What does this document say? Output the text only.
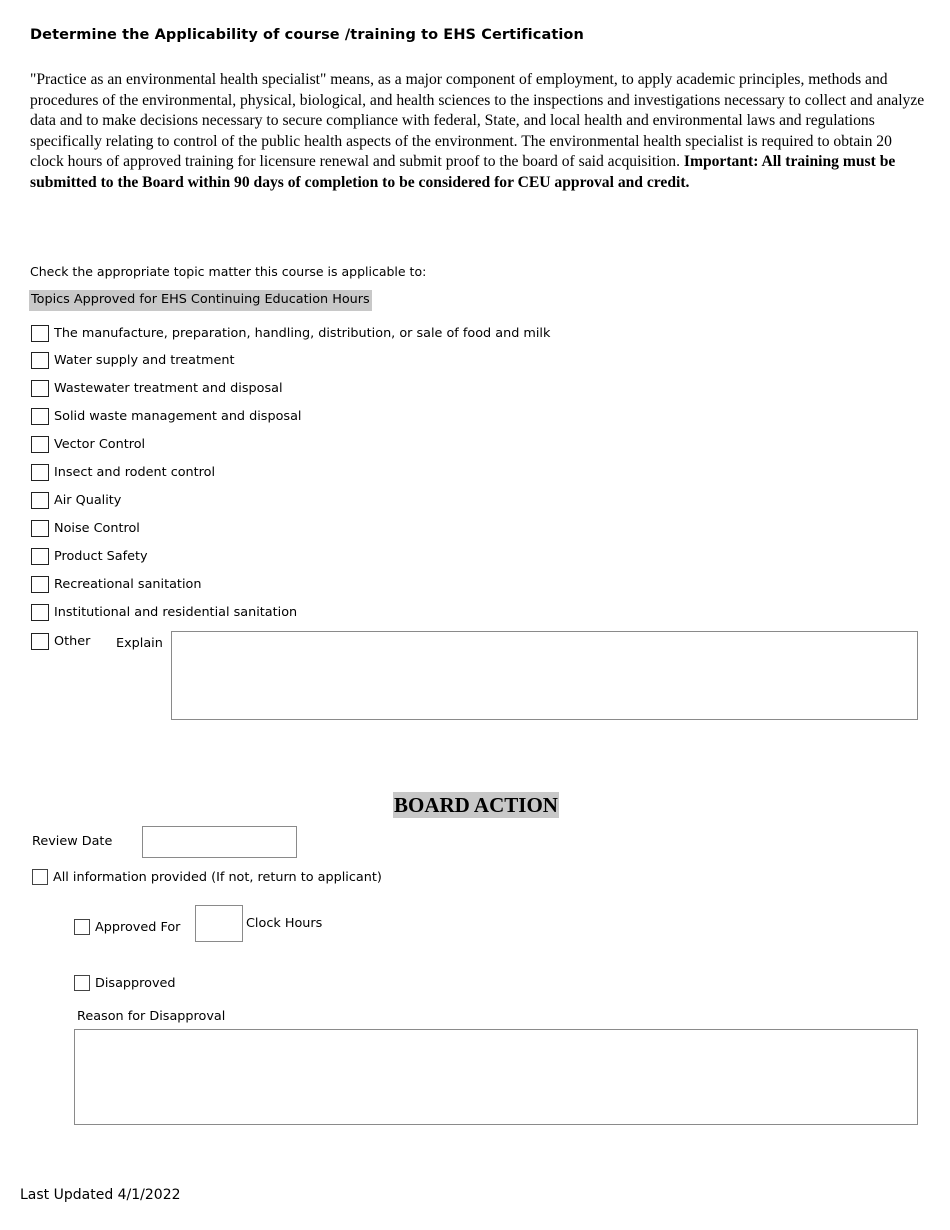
Determine the Applicability of course /training to EHS Certification
"Practice as an environmental health specialist" means, as a major component of employment, to apply academic principles, methods and procedures of the environmental, physical, biological, and health sciences to the inspections and investigations necessary to collect and analyze data and to make decisions necessary to secure compliance with federal, State, and local health and environmental laws and regulations specifically relating to control of the public health aspects of the environment. The environmental health specialist is required to obtain 20 clock hours of approved training for licensure renewal and submit proof to the board of said acquisition. Important: All training must be submitted to the Board within 90 days of completion to be considered for CEU approval and credit.
Check the appropriate topic matter this course is applicable to:
Topics Approved for EHS Continuing Education Hours
The manufacture, preparation, handling, distribution, or sale of food and milk
Water supply and treatment
Wastewater treatment and disposal
Solid waste management and disposal
Vector Control
Insect and rodent control
Air Quality
Noise Control
Product Safety
Recreational sanitation
Institutional and residential sanitation
Other Explain
BOARD ACTION
Review Date
All information provided (If not, return to applicant)
Approved For	Clock Hours
Disapproved
Reason for Disapproval
Last Updated 4/1/2022
